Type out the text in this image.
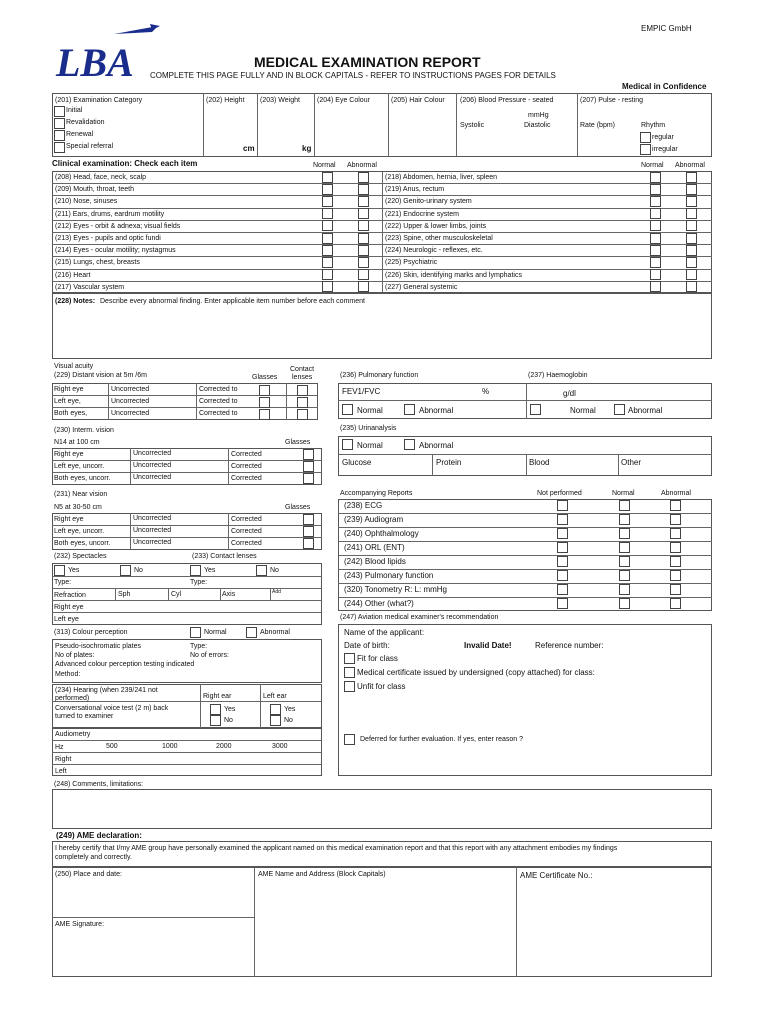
EMPIC GmbH
LBA	MEDICAL EXAMINATION REPORT
COMPLETE THIS PAGE FULLY AND IN BLOCK CAPITALS - REFER TO INSTRUCTIONS PAGES FOR DETAILS
Medical in Confidence
(201) Examination Category
Initial
Revalidation
Renewal
Special referral
(202) Height
cm
(203) Weight
kg
(204) Eye Colour	(205) Hair Colour (206) Blood Pressure - seated
mmHg
Systolic	Diastolic
(207) Pulse - resting
Rate (bpm)	Rhythm
regular
irregular
Clinical examination: Check each item	Normal Abnormal	Normal Abnormal
(208) Head, face, neck, scalp	(218) Abdomen, hernia, liver, spleen
(209) Mouth, throat, teeth	(219) Anus, rectum
(210) Nose, sinuses	(220) Genito-urinary system
(211) Ears, drums, eardrum motility	(221) Endocrine system
(212) Eyes - orbit & adnexa; visual fields	(222) Upper & lower limbs, joints
(213) Eyes - pupils and optic fundi	(223) Spine, other musculoskeletal
(214) Eyes - ocular motility; nystagmus	(224) Neurologic - reflexes, etc.
(215) Lungs, chest, breasts	(225) Psychiatric
(216) Heart	(226) Skin, identifying marks and lymphatics
(217) Vascular system	(227) General systemic
(228) Notes: Describe every abnormal finding. Enter applicable item number before each comment
Visual acuity
(229) Distant vision at 5m /6m	Glasses
Contact
lenses
Right eye	Uncorrected	Corrected to
Left eye,	Uncorrected	Corrected to
Both eyes,	Uncorrected	Corrected to
(230) Interm. vision
N14 at 100 cm	Glasses
Right eye	Uncorrected	Corrected
Left eye, uncorr.	Uncorrected	Corrected
Both eyes, uncorr.	Uncorrected	Corrected
(231) Near vision
N5 at 30-50 cm	Glasses
Right eye	Uncorrected	Corrected
Left eye, uncorr.	Uncorrected	Corrected
Both eyes, uncorr.	Uncorrected	Corrected
(232) Spectacles	(233) Contact lenses
Yes	No	Yes	No
Type:	Type:
Refraction	Sph	Cyl	Axis	Add
Right eye
Left eye
(313) Colour perception	Normal	Abnormal
Pseudo-isochromatic plates	Type:
No of plates:	No of errors:
Advanced colour perception testing indicated
Method:
(234) Hearing (when 239/241 not
performed)
Conversational voice test (2 m) back
turned to examiner
Right ear	Left ear
Yes
No
Yes
No
Audiometry
Hz	500	1000	2000	3000
Right
Left
(236) Pulmonary function	(237) Haemoglobin
FEV1/FVC	%	g/dl
Normal	Abnormal	Normal	Abnormal
(235) Urinanalysis
Normal	Abnormal
Glucose	Protein	Blood	Other
Accompanying Reports	Not performed	Normal	Abnormal
(238) ECG
(239) Audiogram
(240) Ophthalmology
(241) ORL (ENT)
(242) Blood lipids
(243) Pulmonary function
(320) Tonometry R: L: mmHg
(244) Other (what?)
(247) Aviation medical examiner's recommendation
Name of the applicant:
Date of birth:	Invalid Date!	Reference number:
Fit for class
Medical certificate issued by undersigned (copy attached) for class:
Unfit for class
Deferred for further evaluation. If yes, enter reason ?
(248) Comments, limitations:
(249) AME declaration:
I hereby certify that I/my AME group have personally examined the applicant named on this medical examination report and that this report with any attachment embodies my findings
completely and correctly.
(250) Place and date:	AME Name and Address (Block Capitals)	AME Certificate No.:
AME Signature:
